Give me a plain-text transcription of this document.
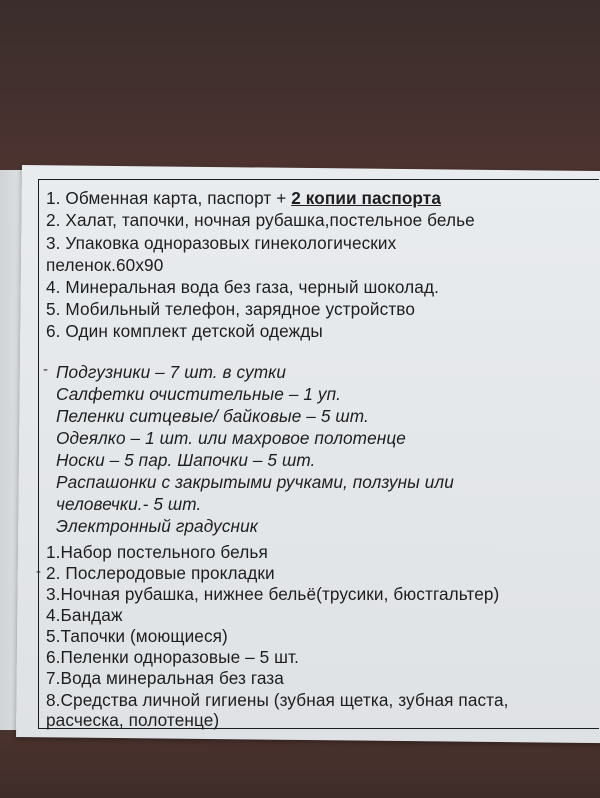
1. Обменная карта, паспорт + 2 копии паспорта

2. Халат, тапочки, ночная рубашка,постельное белье

3. Упаковка одноразовых гинекологических

пеленок.60х90

4. Минеральная вода без газа, черный шоколад.

5. Мобильный телефон, зарядное устройство

6. Один комплект детской одежды

- Подгузники – 7 шт. в сутки

Салфетки очистительные – 1 уп.

Пеленки ситцевые/ байковые – 5 шт.

Одеялко – 1 шт. или махровое полотенце

Носки – 5 пар. Шапочки – 5 шт.

Распашонки с закрытыми ручками, ползуны или

человечки.- 5 шт.

Электронный градусник

1.Набор постельного белья

- 2. Послеродовые прокладки

3.Ночная рубашка, нижнее бельё(трусики, бюстгальтер)

4.Бандаж

5.Тапочки (моющиеся)

6.Пеленки одноразовые – 5 шт.

7.Вода минеральная без газа

8.Средства личной гигиены (зубная щетка, зубная паста,

расческа, полотенце)
